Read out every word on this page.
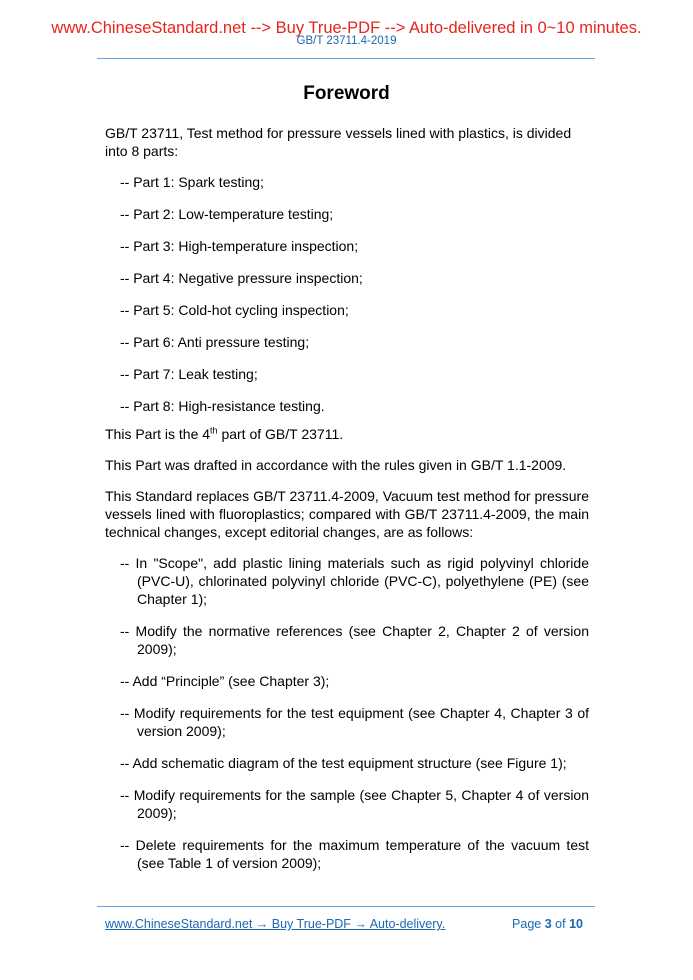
www.ChineseStandard.net --> Buy True-PDF --> Auto-delivered in 0~10 minutes.
GB/T 23711.4-2019
Foreword

GB/T 23711, Test method for pressure vessels lined with plastics, is divided into 8 parts:

-- Part 1: Spark testing;

-- Part 2: Low-temperature testing;

-- Part 3: High-temperature inspection;

-- Part 4: Negative pressure inspection;

-- Part 5: Cold-hot cycling inspection;

-- Part 6: Anti pressure testing;

-- Part 7: Leak testing;

-- Part 8: High-resistance testing.

This Part is the 4th part of GB/T 23711.

This Part was drafted in accordance with the rules given in GB/T 1.1-2009.

This Standard replaces GB/T 23711.4-2009, Vacuum test method for pressure vessels lined with fluoroplastics; compared with GB/T 23711.4-2009, the main technical changes, except editorial changes, are as follows:

-- In "Scope", add plastic lining materials such as rigid polyvinyl chloride (PVC-U), chlorinated polyvinyl chloride (PVC-C), polyethylene (PE) (see Chapter 1);

-- Modify the normative references (see Chapter 2, Chapter 2 of version 2009);

-- Add “Principle” (see Chapter 3);

-- Modify requirements for the test equipment (see Chapter 4, Chapter 3 of version 2009);

-- Add schematic diagram of the test equipment structure (see Figure 1);

-- Modify requirements for the sample (see Chapter 5, Chapter 4 of version 2009);

-- Delete requirements for the maximum temperature of the vacuum test (see Table 1 of version 2009);

www.ChineseStandard.net → Buy True-PDF → Auto-delivery.	Page 3 of 10
